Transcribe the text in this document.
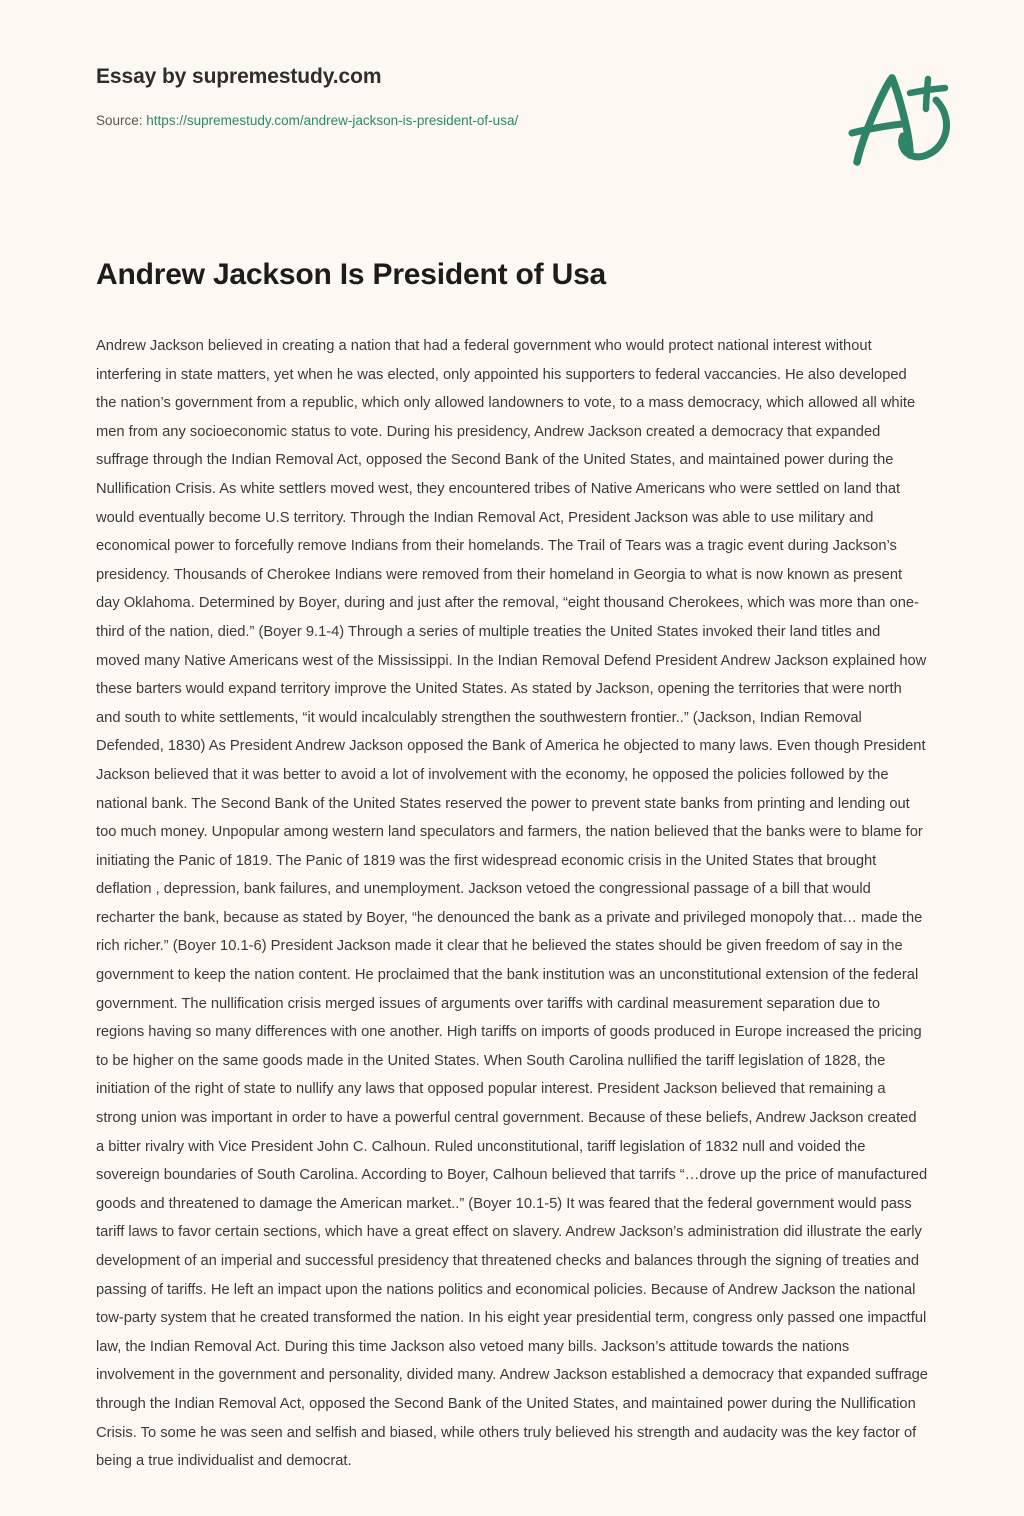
Essay by supremestudy.com
Source: https://supremestudy.com/andrew-jackson-is-president-of-usa/
Andrew Jackson Is President of Usa

Andrew Jackson believed in creating a nation that had a federal government who would protect national interest without interfering in state matters, yet when he was elected, only appointed his supporters to federal vaccancies. He also developed the nation’s government from a republic, which only allowed landowners to vote, to a mass democracy, which allowed all white men from any socioeconomic status to vote. During his presidency, Andrew Jackson created a democracy that expanded suffrage through the Indian Removal Act, opposed the Second Bank of the United States, and maintained power during the Nullification Crisis. As white settlers moved west, they encountered tribes of Native Americans who were settled on land that would eventually become U.S territory. Through the Indian Removal Act, President Jackson was able to use military and economical power to forcefully remove Indians from their homelands. The Trail of Tears was a tragic event during Jackson’s presidency. Thousands of Cherokee Indians were removed from their homeland in Georgia to what is now known as present day Oklahoma. Determined by Boyer, during and just after the removal, “eight thousand Cherokees, which was more than one-third of the nation, died.” (Boyer 9.1-4) Through a series of multiple treaties the United States invoked their land titles and moved many Native Americans west of the Mississippi. In the Indian Removal Defend President Andrew Jackson explained how these barters would expand territory improve the United States. As stated by Jackson, opening the territories that were north and south to white settlements, “it would incalculably strengthen the southwestern frontier..” (Jackson, Indian Removal Defended, 1830) As President Andrew Jackson opposed the Bank of America he objected to many laws. Even though President Jackson believed that it was better to avoid a lot of involvement with the economy, he opposed the policies followed by the national bank. The Second Bank of the United States reserved the power to prevent state banks from printing and lending out too much money. Unpopular among western land speculators and farmers, the nation believed that the banks were to blame for initiating the Panic of 1819. The Panic of 1819 was the first widespread economic crisis in the United States that brought deflation , depression, bank failures, and unemployment. Jackson vetoed the congressional passage of a bill that would recharter the bank, because as stated by Boyer, “he denounced the bank as a private and privileged monopoly that… made the rich richer.” (Boyer 10.1-6) President Jackson made it clear that he believed the states should be given freedom of say in the government to keep the nation content. He proclaimed that the bank institution was an unconstitutional extension of the federal government. The nullification crisis merged issues of arguments over tariffs with cardinal measurement separation due to regions having so many differences with one another. High tariffs on imports of goods produced in Europe increased the pricing to be higher on the same goods made in the United States. When South Carolina nullified the tariff legislation of 1828, the initiation of the right of state to nullify any laws that opposed popular interest. President Jackson believed that remaining a strong union was important in order to have a powerful central government. Because of these beliefs, Andrew Jackson created a bitter rivalry with Vice President John C. Calhoun. Ruled unconstitutional, tariff legislation of 1832 null and voided the sovereign boundaries of South Carolina. According to Boyer, Calhoun believed that tarrifs “…drove up the price of manufactured goods and threatened to damage the American market..” (Boyer 10.1-5) It was feared that the federal government would pass tariff laws to favor certain sections, which have a great effect on slavery. Andrew Jackson’s administration did illustrate the early development of an imperial and successful presidency that threatened checks and balances through the signing of treaties and passing of tariffs. He left an impact upon the nations politics and economical policies. Because of Andrew Jackson the national tow-party system that he created transformed the nation. In his eight year presidential term, congress only passed one impactful law, the Indian Removal Act. During this time Jackson also vetoed many bills. Jackson’s attitude towards the nations involvement in the government and personality, divided many. Andrew Jackson established a democracy that expanded suffrage through the Indian Removal Act, opposed the Second Bank of the United States, and maintained power during the Nullification Crisis. To some he was seen and selfish and biased, while others truly believed his strength and audacity was the key factor of being a true individualist and democrat.
